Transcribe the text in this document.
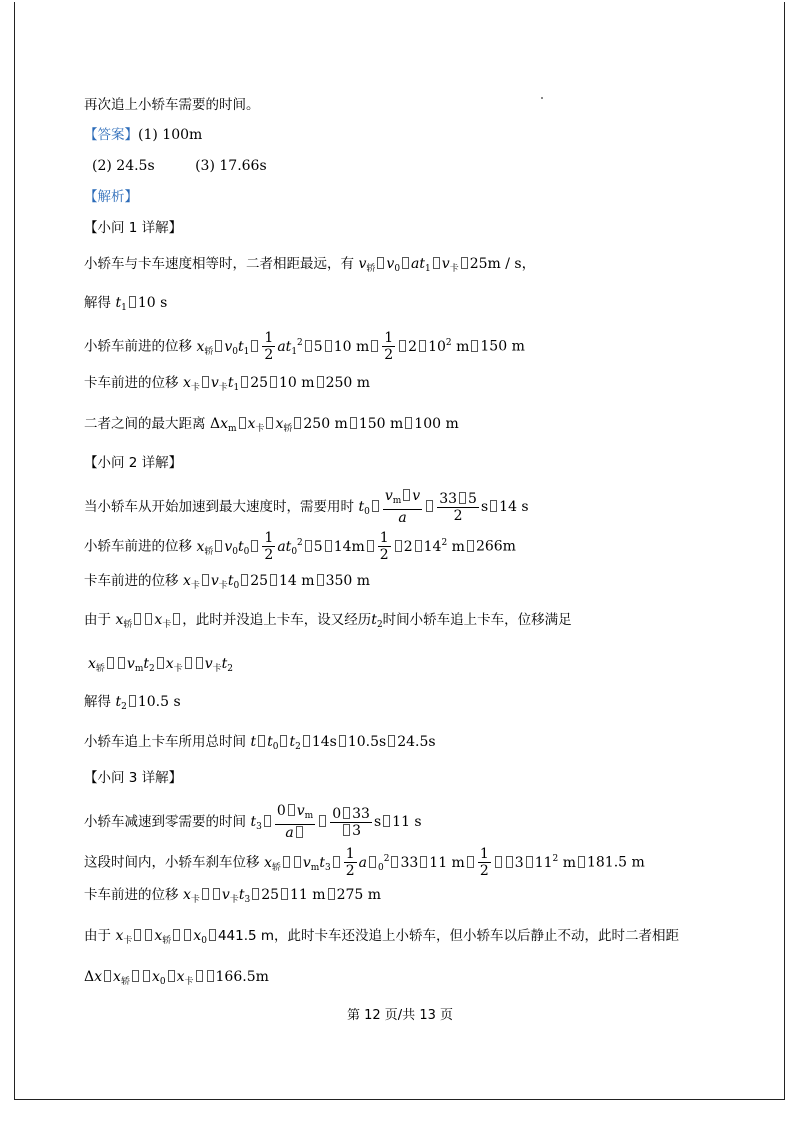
再次追上小轿车需要的时间。
【答案】(1) 100m
(2) 24.5s	(3) 17.66s
【解析】
【小问 1 详解】
小轿车与卡车速度相等时，二者相距最远，有 $v_轿$ $v_0$ $at_1$ $v_卡$ 25m / s，
解得 $t_1$ 10 s
小轿车前进的位移 $x_轿$ $v_0t_1 \frac{1}{2} at_1^2$ 5 10 m $\frac{1}{2} 2$ $10^2$ m 150 m
卡车前进的位移 $x_卡$ $v_卡t_1$ 25 10 m 250 m
二者之间的最大距离 $\Delta x_m$ $x_卡$ $x_轿$ 250 m 150 m 100 m
【小问 2 详解】
当小轿车从开始加速到最大速度时，需要用时 $t_0 \frac{v_m v}{a} \frac{33 5}{2}$ s 14 s
小轿车前进的位移 $x_轿$ $v_0t_0 \frac{1}{2} at_0^2$ 5 $14m \frac{1}{2} 2$ $14^2$ m 266m
卡车前进的位移 $x_卡$ $v_卡t_0$ 25 14 m 350 m
由于 $x_轿$ $x_卡$ ，此时并没追上卡车，设又经历$t_2$时间小轿车追上卡车，位移满足
$x_轿$ $v_mt_2$ $x_卡$ $v_卡t_2$
解得 $t_2$ 10.5 s
小轿车追上卡车所用总时间 t $t_0$ $t_2$ 14s 10.5s 24.5s
【小问 3 详解】
小轿车减速到零需要的时间 $t_3 \frac{0 v_m}{a} \frac{0 33}{3}$ s 11 s
这段时间内，小轿车刹车位移 $x_轿$ $v_mt_3 \frac{1}{2}$ a $_0^2$ 33 11 m $\frac{1}{2} 3$ $11^2$ m 181.5 m
卡车前进的位移 $x_卡$ $v_卡t_3$ 25 11 m 275 m
由于 $x_卡$ $x_轿$ $x_0$ 441.5 m，此时卡车还没追上小轿车，但小轿车以后静止不动，此时二者相距
Δx $x_轿$ $x_0$ $x_卡$ 166.5m
第 12 页/共 13 页
